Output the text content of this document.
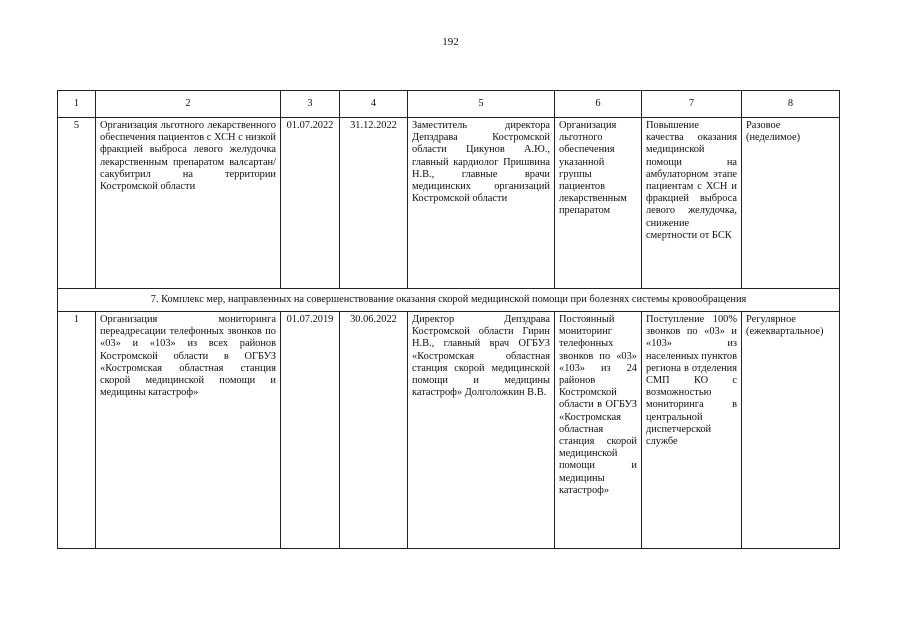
192
1	2	3	4	5	6	7	8
5	Организация льготного лекарственного обеспечения пациентов с ХСН с низкой фракцией выброса левого желудочка лекарственным препаратом валсартан/сакубитрил на территории Костромской области	01.07.2022	31.12.2022	Заместитель директора Депздрава Костромской области Цикунов А.Ю., главный кардиолог Пришвина Н.В., главные врачи медицинских организаций Костромской области	Организация льготного обеспечения указанной группы пациентов лекарственным препаратом	Повышение качества оказания медицинской помощи на амбулаторном этапе пациентам с ХСН и фракцией выброса левого желудочка, снижение смертности от БСК	Разовое (неделимое)
7. Комплекс мер, направленных на совершенствование оказания скорой медицинской помощи при болезнях системы кровообращения							
1	Организация мониторинга переадресации телефонных звонков по «03» и «103» из всех районов Костромской области в ОГБУЗ «Костромская областная станция скорой медицинской помощи и медицины катастроф»	01.07.2019	30.06.2022	Директор Депздрава Костромской области Гирин Н.В., главный врач ОГБУЗ «Костромская областная станция скорой медицинской помощи и медицины катастроф» Долголожкин В.В.	Постоянный мониторинг телефонных звонков по «03» «103» из 24 районов Костромской области в ОГБУЗ «Костромская областная станция скорой медицинской помощи и медицины катастроф»	Поступление 100% звонков по «03» и «103» из населенных пунктов региона в отделения СМП КО с возможностью мониторинга в центральной диспетчерской службе	Регулярное (ежеквартальное)
